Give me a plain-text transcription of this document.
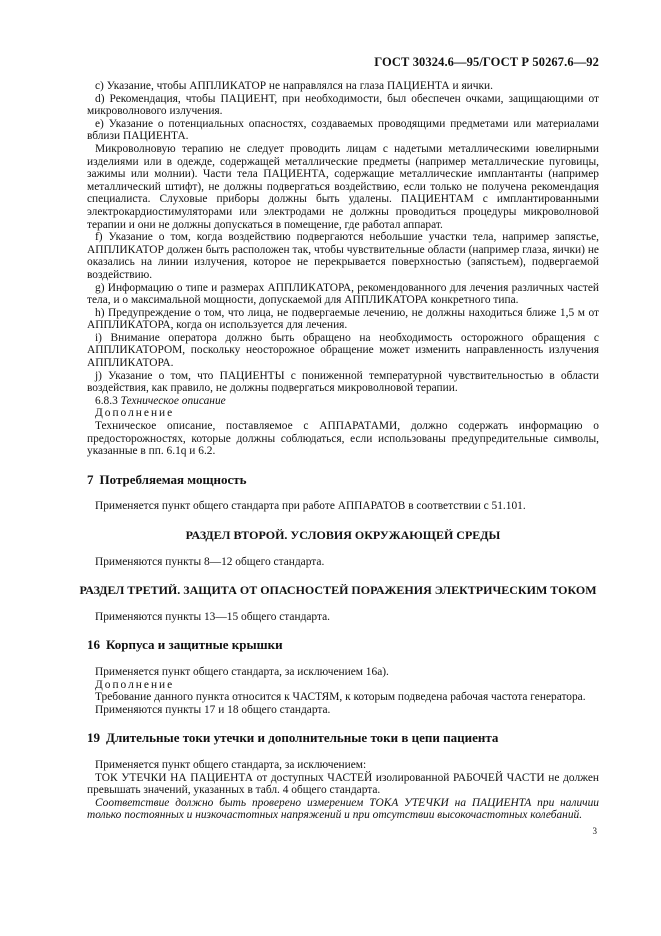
ГОСТ 30324.6—95/ГОСТ Р 50267.6—92

c) Указание, чтобы АППЛИКАТОР не направлялся на глаза ПАЦИЕНТА и яички.

d) Рекомендация, чтобы ПАЦИЕНТ, при необходимости, был обеспечен очками, защищающими от микроволнового излучения.

e) Указание о потенциальных опасностях, создаваемых проводящими предметами или материалами вблизи ПАЦИЕНТА.

Микроволновую терапию не следует проводить лицам с надетыми металлическими ювелирными изделиями или в одежде, содержащей металлические предметы (например металлические пуговицы, зажимы или молнии). Части тела ПАЦИЕНТА, содержащие металлические имплантанты (например металлический штифт), не должны подвергаться воздействию, если только не получена рекомендация специалиста. Слуховые приборы должны быть удалены. ПАЦИЕНТАМ с имплантированными электрокардиостимуляторами или электродами не должны проводиться процедуры микроволновой терапии и они не должны допускаться в помещение, где работал аппарат.

f) Указание о том, когда воздействию подвергаются небольшие участки тела, например запястье, АППЛИКАТОР должен быть расположен так, чтобы чувствительные области (например глаза, яички) не оказались на линии излучения, которое не перекрывается поверхностью (запястьем), подвергаемой воздействию.

g) Информацию о типе и размерах АППЛИКАТОРА, рекомендованного для лечения различных частей тела, и о максимальной мощности, допускаемой для АППЛИКАТОРА конкретного типа.

h) Предупреждение о том, что лица, не подвергаемые лечению, не должны находиться ближе 1,5 м от АППЛИКАТОРА, когда он используется для лечения.

i) Внимание оператора должно быть обращено на необходимость осторожного обращения с АППЛИКАТОРОМ, поскольку неосторожное обращение может изменить направленность излучения АППЛИКАТОРА.

j) Указание о том, что ПАЦИЕНТЫ с пониженной температурной чувствительностью в области воздействия, как правило, не должны подвергаться микроволновой терапии.

6.8.3 Техническое описание

Дополнение

Техническое описание, поставляемое с АППАРАТАМИ, должно содержать информацию о предосторожностях, которые должны соблюдаться, если использованы предупредительные символы, указанные в пп. 6.1q и 6.2.

7 Потребляемая мощность

Применяется пункт общего стандарта при работе АППАРАТОВ в соответствии с 51.101.

РАЗДЕЛ ВТОРОЙ. УСЛОВИЯ ОКРУЖАЮЩЕЙ СРЕДЫ

Применяются пункты 8—12 общего стандарта.

РАЗДЕЛ ТРЕТИЙ. ЗАЩИТА ОТ ОПАСНОСТЕЙ ПОРАЖЕНИЯ ЭЛЕКТРИЧЕСКИМ ТОКОМ

Применяются пункты 13—15 общего стандарта.

16 Корпуса и защитные крышки

Применяется пункт общего стандарта, за исключением 16a).

Дополнение

Требование данного пункта относится к ЧАСТЯМ, к которым подведена рабочая частота генератора.

Применяются пункты 17 и 18 общего стандарта.

19 Длительные токи утечки и дополнительные токи в цепи пациента

Применяется пункт общего стандарта, за исключением:

ТОК УТЕЧКИ НА ПАЦИЕНТА от доступных ЧАСТЕЙ изолированной РАБОЧЕЙ ЧАСТИ не должен превышать значений, указанных в табл. 4 общего стандарта.

Соответствие должно быть проверено измерением ТОКА УТЕЧКИ на ПАЦИЕНТА при наличии только постоянных и низкочастотных напряжений и при отсутствии высокочастотных колебаний.

3
